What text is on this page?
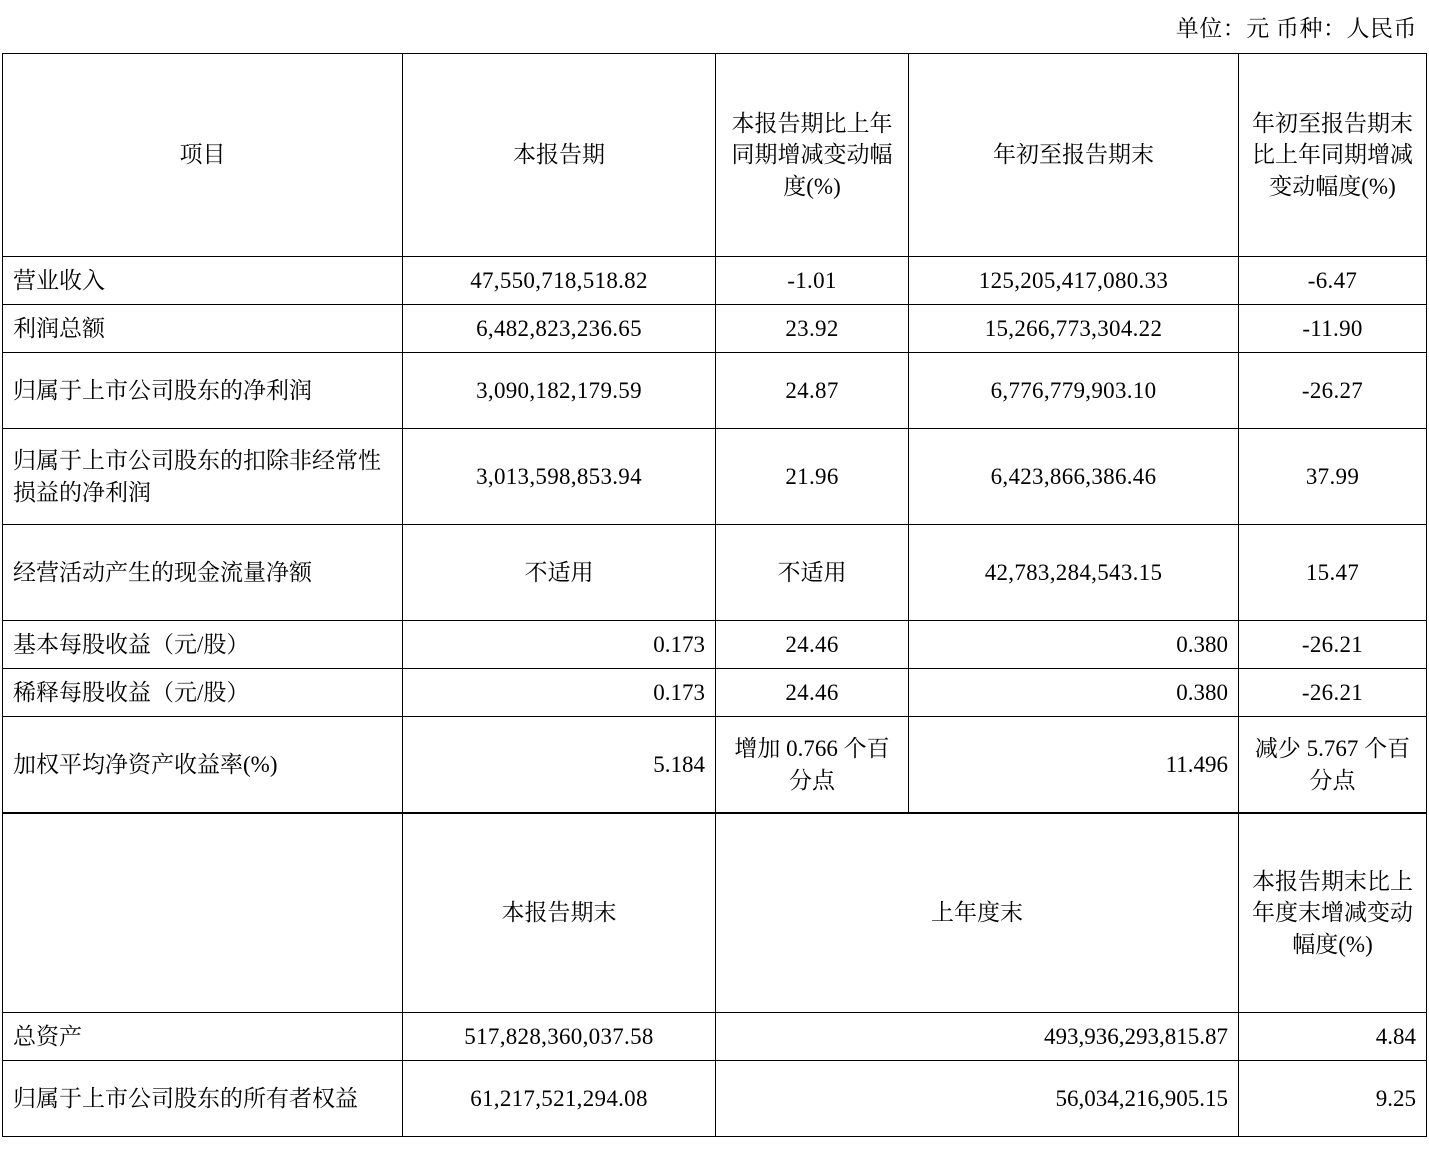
单位：元 币种：人民币
项目	本报告期	本报告期比上年同期增减变动幅度(%)	年初至报告期末	年初至报告期末比上年同期增减变动幅度(%)
营业收入	47,550,718,518.82	-1.01	125,205,417,080.33	-6.47
利润总额	6,482,823,236.65	23.92	15,266,773,304.22	-11.90
归属于上市公司股东的净利润	3,090,182,179.59	24.87	6,776,779,903.10	-26.27
归属于上市公司股东的扣除非经常性损益的净利润	3,013,598,853.94	21.96	6,423,866,386.46	37.99
经营活动产生的现金流量净额	不适用	不适用	42,783,284,543.15	15.47
基本每股收益（元/股）	0.173	24.46	0.380	-26.21
稀释每股收益（元/股）	0.173	24.46	0.380	-26.21
加权平均净资产收益率(%)	5.184	增加 0.766 个百分点	11.496	减少 5.767 个百分点
	本报告期末	上年度末	本报告期末比上年度末增减变动幅度(%)
总资产	517,828,360,037.58	493,936,293,815.87	4.84
归属于上市公司股东的所有者权益	61,217,521,294.08	56,034,216,905.15	9.25
